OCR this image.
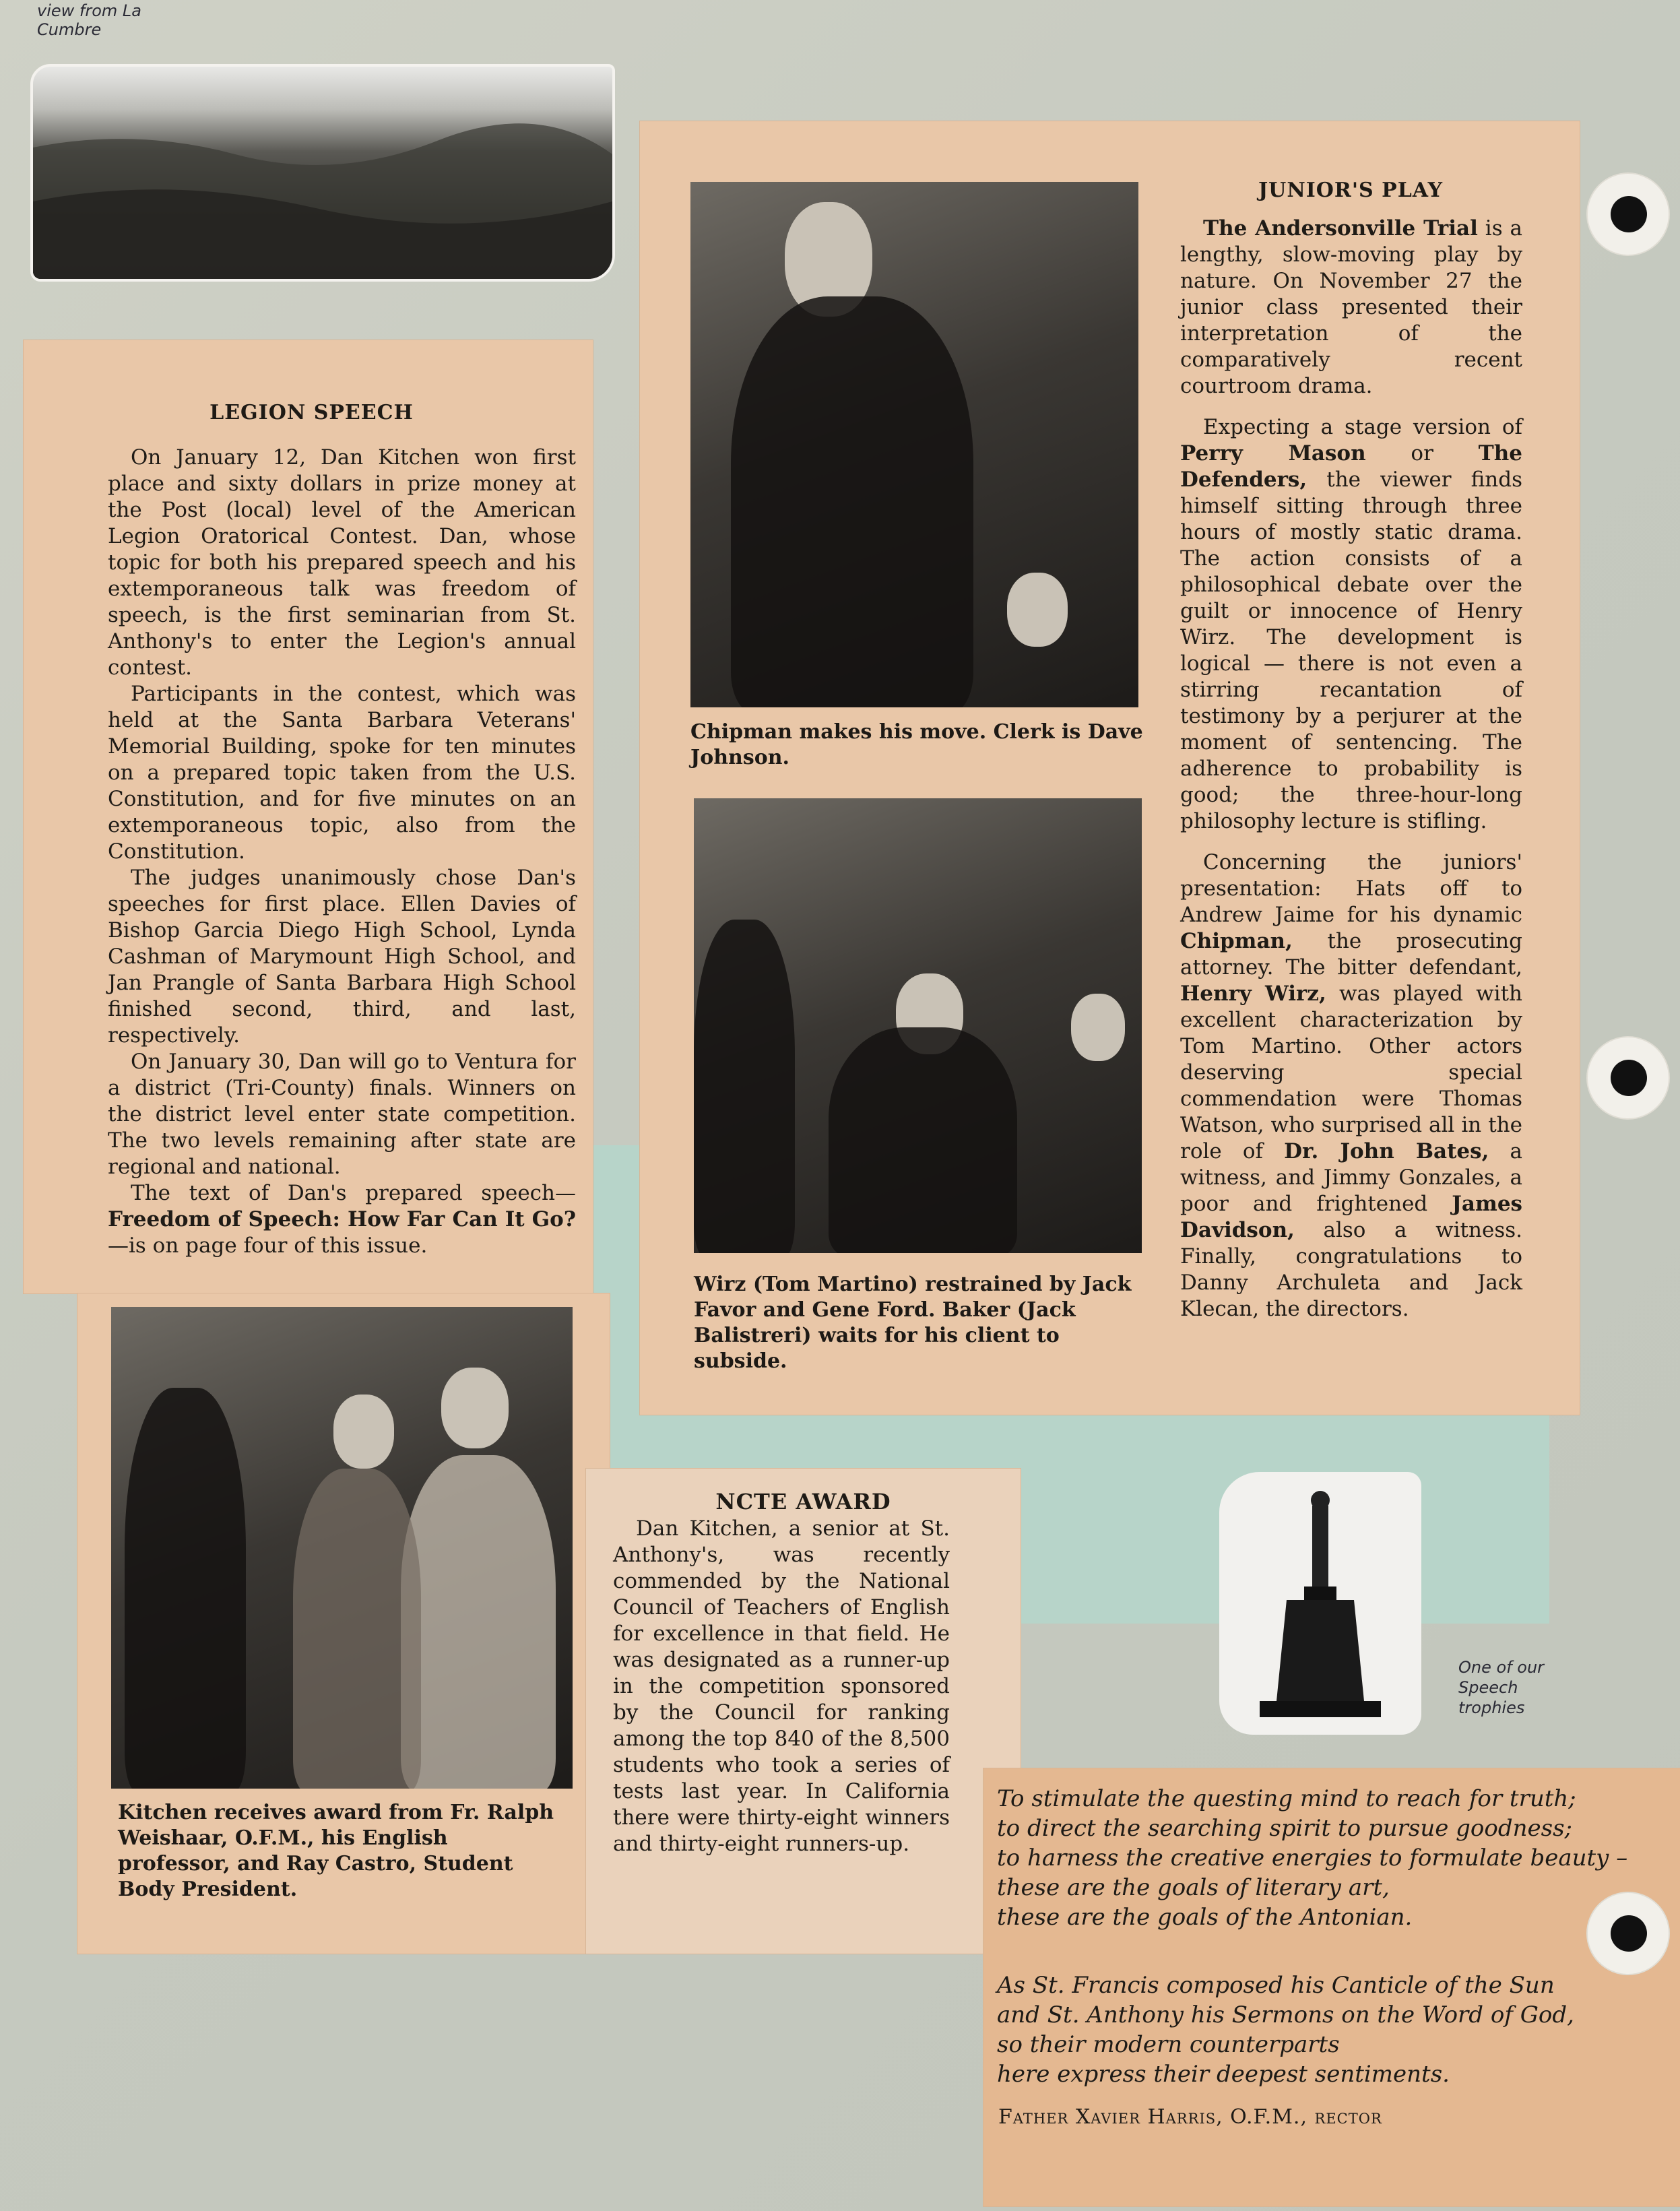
view from La Cumbre
LEGION SPEECH

On January 12, Dan Kitchen won first place and sixty dollars in prize money at the Post (local) level of the American Legion Oratorical Contest. Dan, whose topic for both his prepared speech and his extemporaneous talk was freedom of speech, is the first seminarian from St. Anthony's to enter the Legion's annual contest.

Participants in the contest, which was held at the Santa Barbara Veterans' Memorial Building, spoke for ten minutes on a prepared topic taken from the U.S. Constitution, and for five minutes on an extemporaneous topic, also from the Constitution.

The judges unanimously chose Dan's speeches for first place. Ellen Davies of Bishop Garcia Diego High School, Lynda Cashman of Marymount High School, and Jan Prangle of Santa Barbara High School finished second, third, and last, respectively.

On January 30, Dan will go to Ventura for a district (Tri-County) finals. Winners on the district level enter state competition. The two levels remaining after state are regional and national.

The text of Dan's prepared speech—Freedom of Speech: How Far Can It Go?—is on page four of this issue.

Kitchen receives award from Fr. Ralph Weishaar, O.F.M., his English professor, and Ray Castro, Student Body President.
NCTE AWARD

Dan Kitchen, a senior at St. Anthony's, was recently commended by the National Council of Teachers of English for excellence in that field. He was designated as a runner-up in the competition sponsored by the Council for ranking among the top 840 of the 8,500 students who took a series of tests last year. In California there were thirty-eight winners and thirty-eight runners-up.

Chipman makes his move. Clerk is Dave Johnson.
Wirz (Tom Martino) restrained by Jack Favor and Gene Ford. Baker (Jack Balistreri) waits for his client to subside.
JUNIOR'S PLAY

The Andersonville Trial is a lengthy, slow-moving play by nature. On November 27 the junior class presented their interpretation of the comparatively recent courtroom drama.

Expecting a stage version of Perry Mason or The Defenders, the viewer finds himself sitting through three hours of mostly static drama. The action consists of a philosophical debate over the guilt or innocence of Henry Wirz. The development is logical — there is not even a stirring recantation of testimony by a perjurer at the moment of sentencing. The adherence to probability is good; the three-hour-long philosophy lecture is stifling.

Concerning the juniors' presentation: Hats off to Andrew Jaime for his dynamic Chipman, the prosecuting attorney. The bitter defendant, Henry Wirz, was played with excellent characterization by Tom Martino. Other actors deserving special commendation were Thomas Watson, who surprised all in the role of Dr. John Bates, a witness, and Jimmy Gonzales, a poor and frightened James Davidson, also a witness. Finally, congratulations to Danny Archuleta and Jack Klecan, the directors.

One of our Speech trophies
To stimulate the questing mind to reach for truth;
to direct the searching spirit to pursue goodness;
to harness the creative energies to formulate beauty –
these are the goals of literary art,
these are the goals of the Antonian.
As St. Francis composed his Canticle of the Sun
and St. Anthony his Sermons on the Word of God,
so their modern counterparts
here express their deepest sentiments.
Father Xavier Harris, O.F.M., rector
